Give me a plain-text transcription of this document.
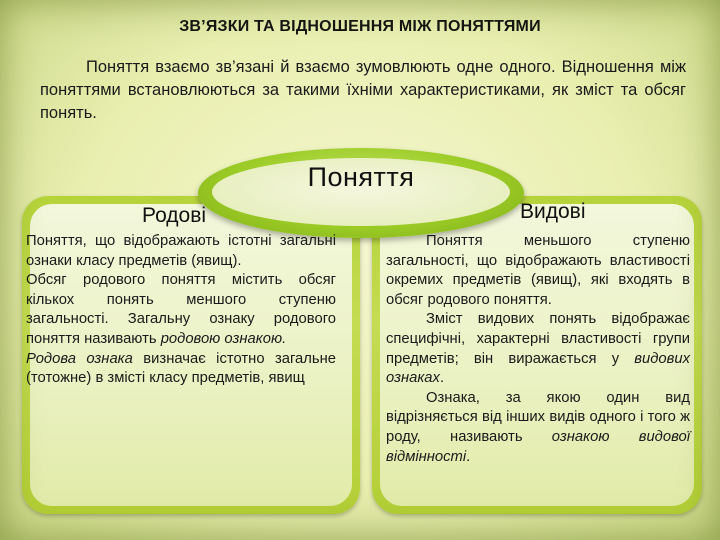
ЗВ’ЯЗКИ ТА ВІДНОШЕННЯ МІЖ ПОНЯТТЯМИ
Поняття взаємо зв’язані й взаємо зумовлюють одне одного. Відношення між поняттями встановлюються за такими їхніми характеристиками, як зміст та обсяг понять.
Поняття
Родові	Видові

Поняття, що відображають істотні загальні ознаки класу предметів (явищ).

Обсяг родового поняття містить обсяг кількох понять меншого ступеню загальності. Загальну ознаку родового поняття називають родовою ознакою.

Родова ознака визначає істотно загальне (тотожне) в змісті класу предметів, явищ

Поняття меньшого ступеню загальності, що відображають властивості окремих предметів (явищ), які входять в обсяг родового поняття.

Зміст видових понять відображає специфічні, характерні властивості групи предметів; він виражається у видових ознаках.

Ознака, за якою один вид відрізняється від інших видів одного і того ж роду, називають ознакою видової відмінності.
